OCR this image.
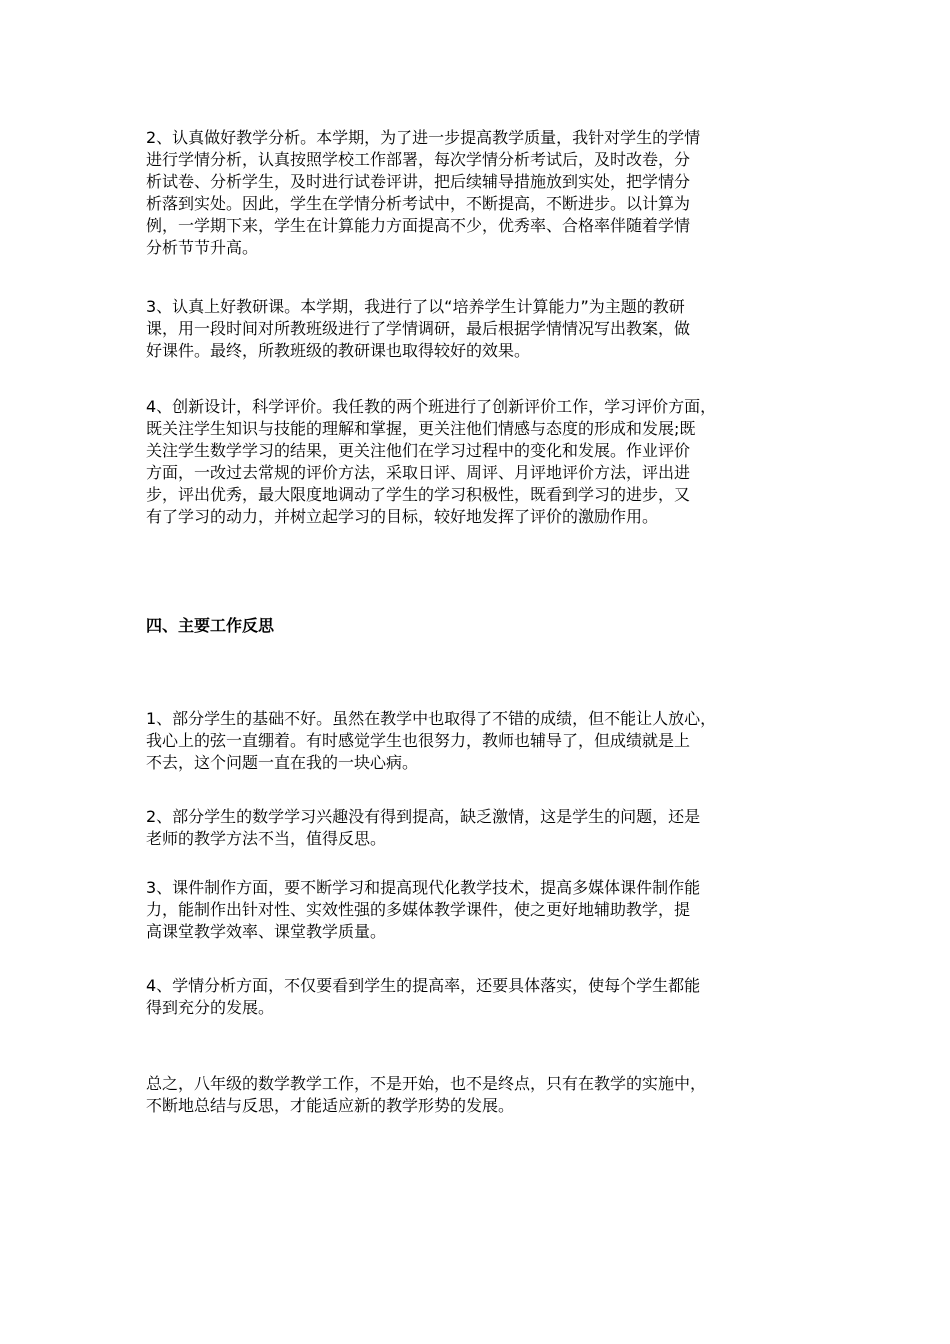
2、认真做好教学分析。本学期，为了进一步提高教学质量，我针对学生的学情
进行学情分析，认真按照学校工作部署，每次学情分析考试后，及时改卷，分
析试卷、分析学生，及时进行试卷评讲，把后续辅导措施放到实处，把学情分
析落到实处。因此，学生在学情分析考试中，不断提高，不断进步。以计算为
例，一学期下来，学生在计算能力方面提高不少，优秀率、合格率伴随着学情
分析节节升高。

3、认真上好教研课。本学期，我进行了以“培养学生计算能力”为主题的教研
课，用一段时间对所教班级进行了学情调研，最后根据学情情况写出教案，做
好课件。最终，所教班级的教研课也取得较好的效果。

4、创新设计，科学评价。我任教的两个班进行了创新评价工作，学习评价方面，
既关注学生知识与技能的理解和掌握，更关注他们情感与态度的形成和发展;既
关注学生数学学习的结果，更关注他们在学习过程中的变化和发展。作业评价
方面，一改过去常规的评价方法，采取日评、周评、月评地评价方法，评出进
步，评出优秀，最大限度地调动了学生的学习积极性，既看到学习的进步，又
有了学习的动力，并树立起学习的目标，较好地发挥了评价的激励作用。

四、主要工作反思

1、部分学生的基础不好。虽然在教学中也取得了不错的成绩，但不能让人放心，
我心上的弦一直绷着。有时感觉学生也很努力，教师也辅导了，但成绩就是上
不去，这个问题一直在我的一块心病。

2、部分学生的数学学习兴趣没有得到提高，缺乏激情，这是学生的问题，还是
老师的教学方法不当，值得反思。

3、课件制作方面，要不断学习和提高现代化教学技术，提高多媒体课件制作能
力，能制作出针对性、实效性强的多媒体教学课件，使之更好地辅助教学，提
高课堂教学效率、课堂教学质量。

4、学情分析方面，不仅要看到学生的提高率，还要具体落实，使每个学生都能
得到充分的发展。

总之，八年级的数学教学工作，不是开始，也不是终点，只有在教学的实施中，
不断地总结与反思，才能适应新的教学形势的发展。
